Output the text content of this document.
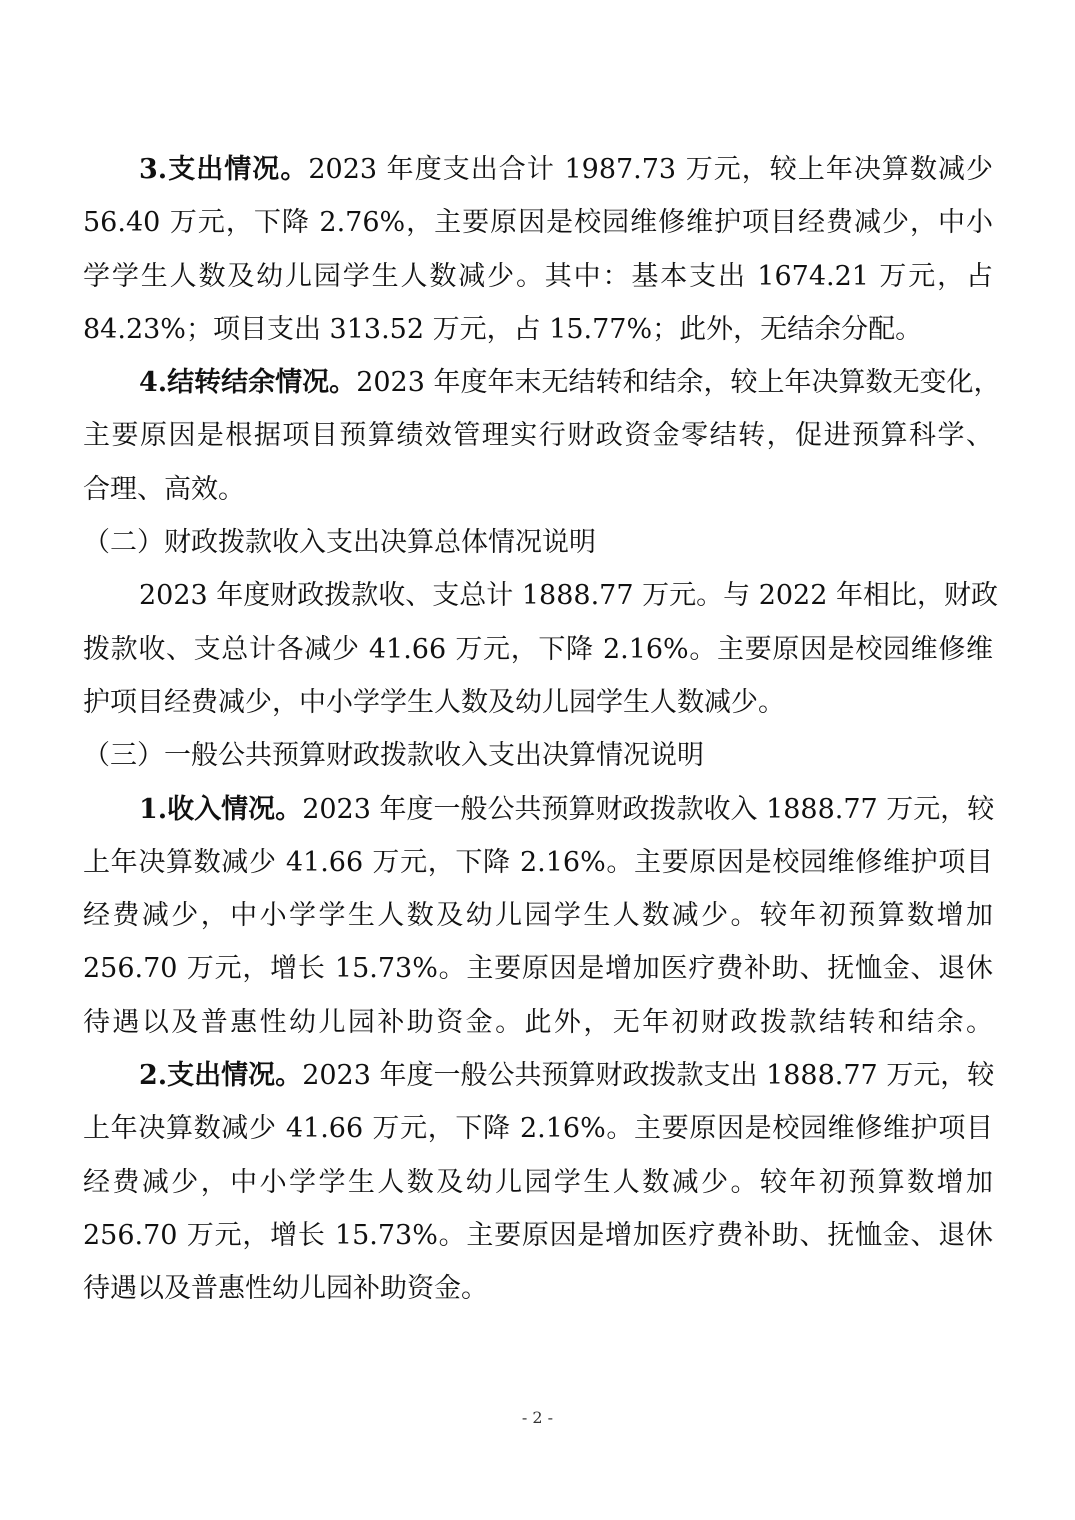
3.支出情况。2023 年度支出合计 1987.73 万元，较上年决算数减少
56.40 万元，下降 2.76%，主要原因是校园维修维护项目经费减少，中小
学学生人数及幼儿园学生人数减少。其中：基本支出 1674.21 万元，占
84.23%；项目支出 313.52 万元，占 15.77%；此外，无结余分配。
4.结转结余情况。2023 年度年末无结转和结余，较上年决算数无变化，
主要原因是根据项目预算绩效管理实行财政资金零结转，促进预算科学、
合理、高效。
（二）财政拨款收入支出决算总体情况说明
2023 年度财政拨款收、支总计 1888.77 万元。与 2022 年相比，财政
拨款收、支总计各减少 41.66 万元，下降 2.16%。主要原因是校园维修维
护项目经费减少，中小学学生人数及幼儿园学生人数减少。
（三）一般公共预算财政拨款收入支出决算情况说明
1.收入情况。2023 年度一般公共预算财政拨款收入 1888.77 万元，较
上年决算数减少 41.66 万元，下降 2.16%。主要原因是校园维修维护项目
经费减少，中小学学生人数及幼儿园学生人数减少。较年初预算数增加
256.70 万元，增长 15.73%。主要原因是增加医疗费补助、抚恤金、退休
待遇以及普惠性幼儿园补助资金。此外，无年初财政拨款结转和结余。
2.支出情况。2023 年度一般公共预算财政拨款支出 1888.77 万元，较
上年决算数减少 41.66 万元，下降 2.16%。主要原因是校园维修维护项目
经费减少，中小学学生人数及幼儿园学生人数减少。较年初预算数增加
256.70 万元，增长 15.73%。主要原因是增加医疗费补助、抚恤金、退休
待遇以及普惠性幼儿园补助资金。
- 2 -
